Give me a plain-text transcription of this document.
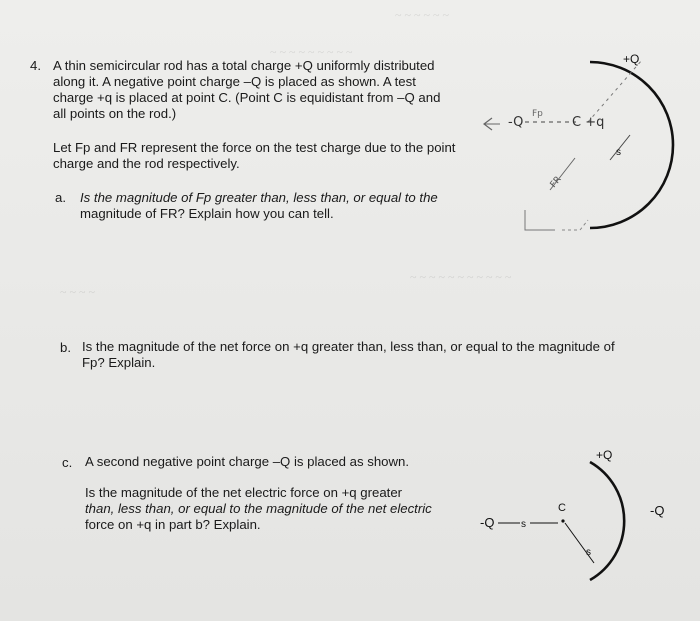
~ ~ ~ ~ ~ ~
~ ~ ~ ~ ~ ~ ~ ~ ~
~ ~ ~ ~ ~ ~ ~ ~ ~ ~ ~
~ ~ ~ ~
4. A thin semicircular rod has a total charge +Q uniformly distributed
along it. A negative point charge –Q is placed as shown. A test
charge +q is placed at point C. (Point C is equidistant from –Q and
all points on the rod.)
Let Fp and FR represent the force on the test charge due to the point
charge and the rod respectively.
a. Is the magnitude of Fp greater than, less than, or equal to the
magnitude of FR? Explain how you can tell.
b. Is the magnitude of the net force on +q greater than, less than, or equal to the magnitude of
Fp? Explain.
c. A second negative point charge –Q is placed as shown.
Is the magnitude of the net electric force on +q greater
than, less than, or equal to the magnitude of the net electric
force on +q in part b? Explain.
+Q
s
-Q
Fp
C +q
FR
+Q
C
s
s
-Q
-Q
